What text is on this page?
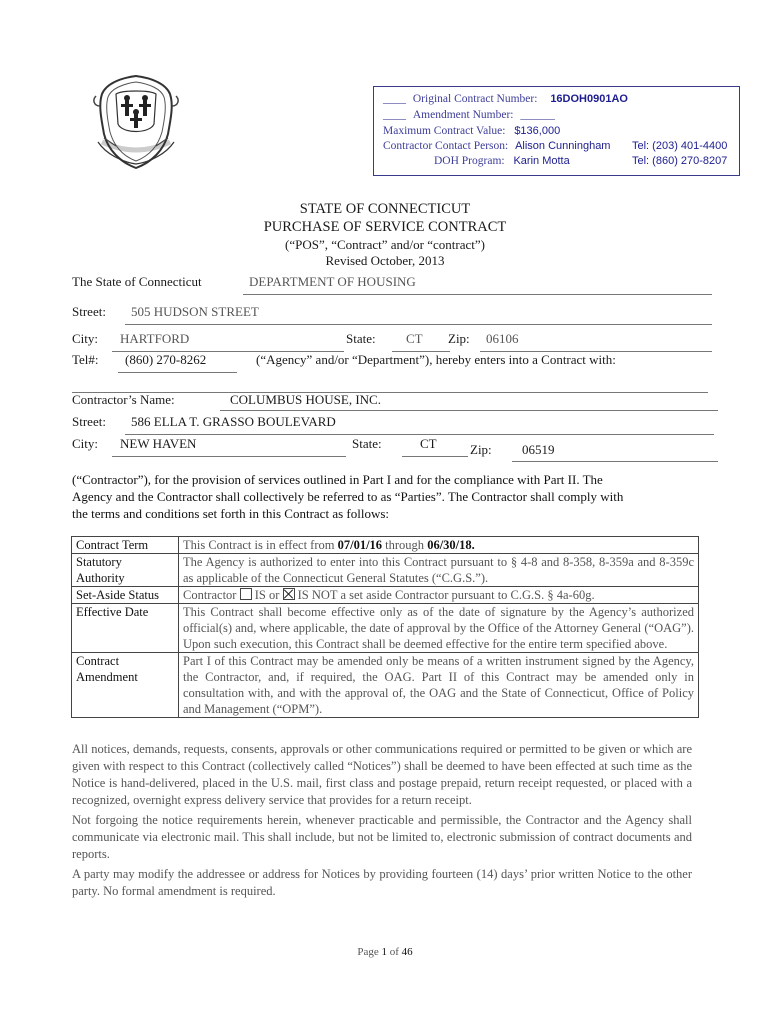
____ Original Contract Number: 16DOH0901AO
____ Amendment Number: ______
Maximum Contract Value: $136,000
Contractor Contact Person: Alison Cunningham Tel: (203) 401-4400
DOH Program: Karin Motta	Tel: (860) 270-8207
STATE OF CONNECTICUT
PURCHASE OF SERVICE CONTRACT
(“POS”, “Contract” and/or “contract”)
Revised October, 2013
The State of Connecticut	DEPARTMENT OF HOUSING
Street:	505 HUDSON STREET
City:	HARTFORD	State:	CT	Zip:	06106
Tel#:	(860) 270-8262	(“Agency” and/or “Department”), hereby enters into a Contract with:
Contractor’s Name:	COLUMBUS HOUSE, INC.
Street:	586 ELLA T. GRASSO BOULEVARD
City:	NEW HAVEN	State:	CT	Zip:	06519
(“Contractor”), for the provision of services outlined in Part I and for the compliance with Part II. The
Agency and the Contractor shall collectively be referred to as “Parties”. The Contractor shall comply with
the terms and conditions set forth in this Contract as follows:
Contract Term	This Contract is in effect from 07/01/16 through 06/30/18.

Statutory
Authority	The Agency is authorized to enter into this Contract pursuant to § 4-8 and 8-358, 8-359a and 8-359c as applicable of the Connecticut General Statutes (“C.G.S.”).
Set-Aside Status	Contractor IS or IS NOT a set aside Contractor pursuant to C.G.S. § 4a-60g.
Effective Date	This Contract shall become effective only as of the date of signature by the Agency’s authorized official(s) and, where applicable, the date of approval by the Office of the Attorney General (“OAG”). Upon such execution, this Contract shall be deemed effective for the entire term specified above.

Contract
Amendment	Part I of this Contract may be amended only be means of a written instrument signed by the Agency, the Contractor, and, if required, the OAG. Part II of this Contract may be amended only in consultation with, and with the approval of, the OAG and the State of Connecticut, Office of Policy and Management (“OPM”).
All notices, demands, requests, consents, approvals or other communications required or permitted to be given or which are given with respect to this Contract (collectively called “Notices”) shall be deemed to have been effected at such time as the Notice is hand-delivered, placed in the U.S. mail, first class and postage prepaid, return receipt requested, or placed with a recognized, overnight express delivery service that provides for a return receipt.
Not forgoing the notice requirements herein, whenever practicable and permissible, the Contractor and the Agency shall communicate via electronic mail. This shall include, but not be limited to, electronic submission of contract documents and reports.
A party may modify the addressee or address for Notices by providing fourteen (14) days’ prior written Notice to the other party. No formal amendment is required.
Page 1 of 46
